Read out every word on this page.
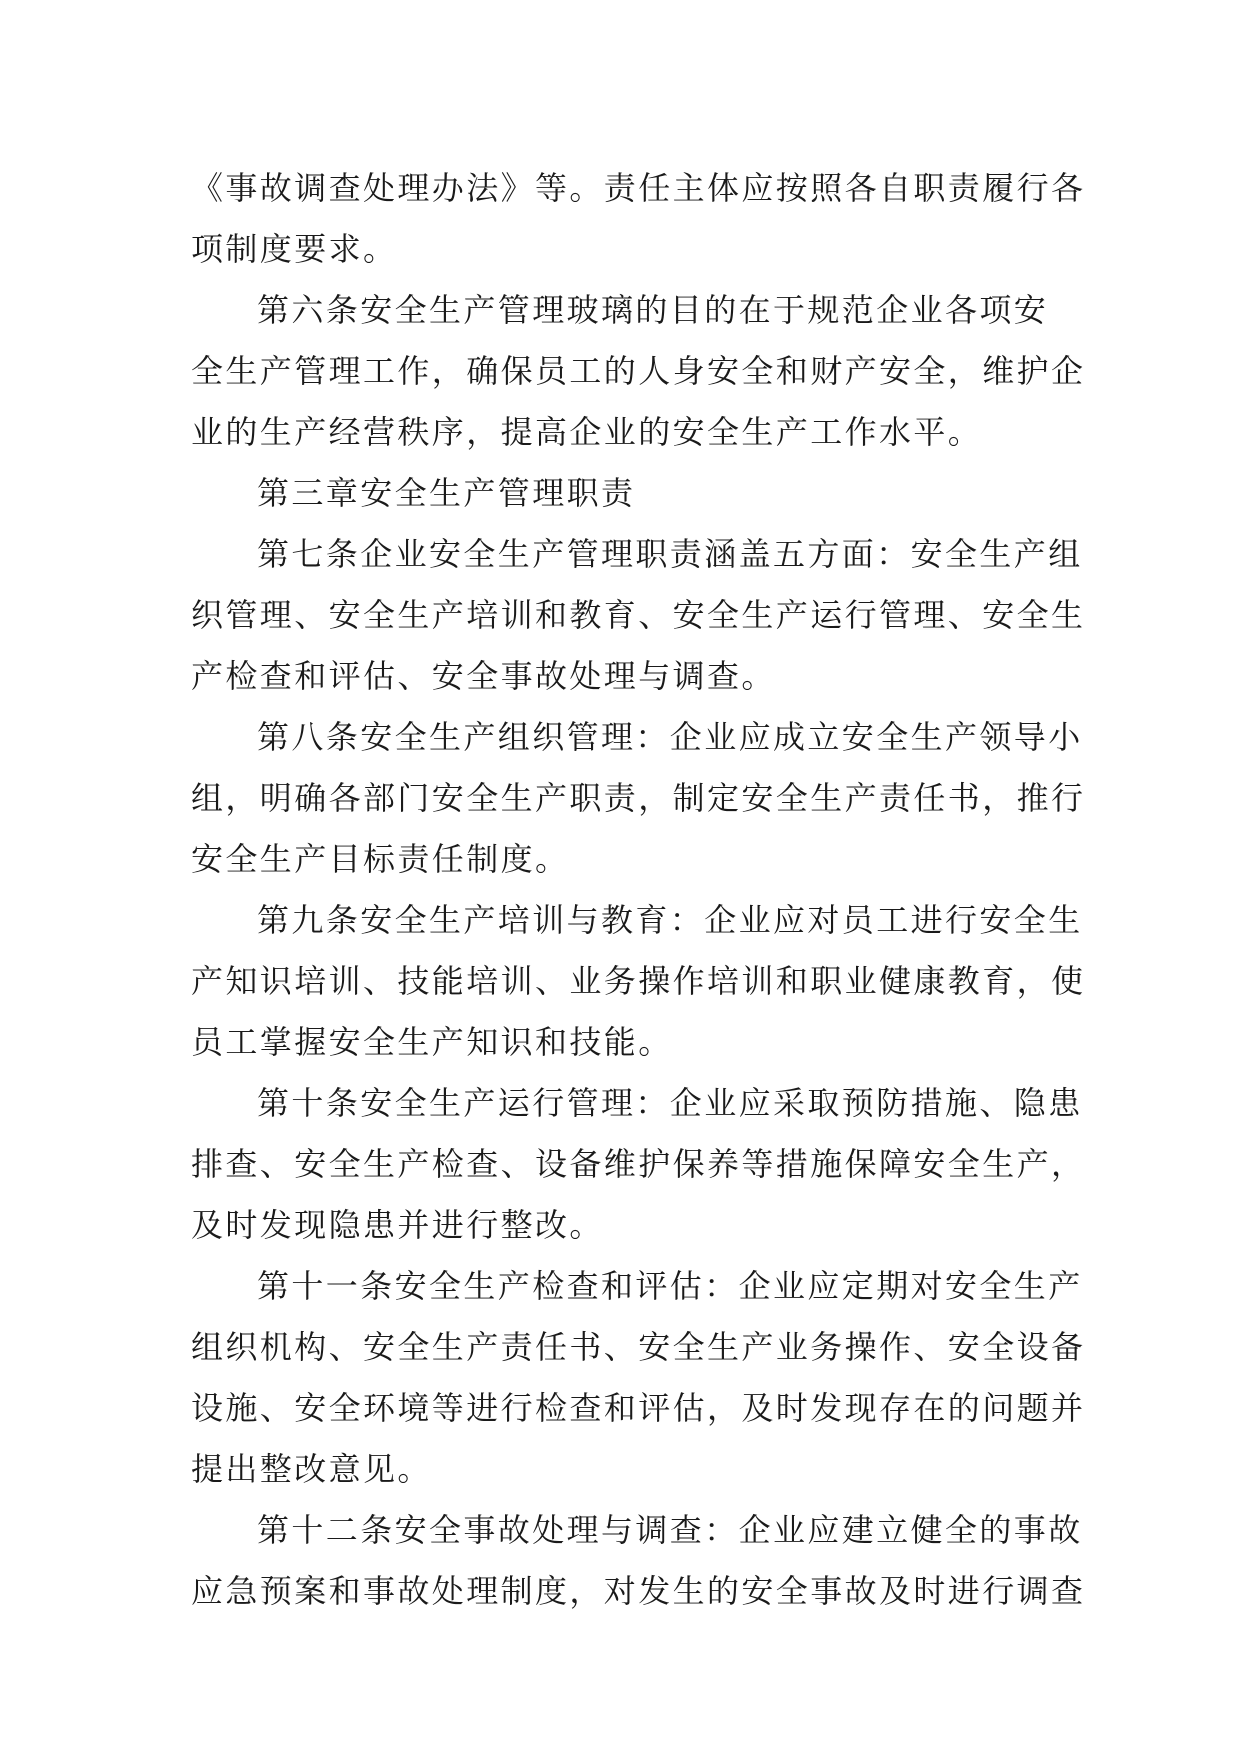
《事故调查处理办法》等。责任主体应按照各自职责履行各
项制度要求。
第六条安全生产管理玻璃的目的在于规范企业各项安
全生产管理工作，确保员工的人身安全和财产安全，维护企
业的生产经营秩序，提高企业的安全生产工作水平。
第三章安全生产管理职责
第七条企业安全生产管理职责涵盖五方面：安全生产组
织管理、安全生产培训和教育、安全生产运行管理、安全生
产检查和评估、安全事故处理与调查。
第八条安全生产组织管理：企业应成立安全生产领导小
组，明确各部门安全生产职责，制定安全生产责任书，推行
安全生产目标责任制度。
第九条安全生产培训与教育：企业应对员工进行安全生
产知识培训、技能培训、业务操作培训和职业健康教育，使
员工掌握安全生产知识和技能。
第十条安全生产运行管理：企业应采取预防措施、隐患
排查、安全生产检查、设备维护保养等措施保障安全生产，
及时发现隐患并进行整改。
第十一条安全生产检查和评估：企业应定期对安全生产
组织机构、安全生产责任书、安全生产业务操作、安全设备
设施、安全环境等进行检查和评估，及时发现存在的问题并
提出整改意见。
第十二条安全事故处理与调查：企业应建立健全的事故
应急预案和事故处理制度，对发生的安全事故及时进行调查
